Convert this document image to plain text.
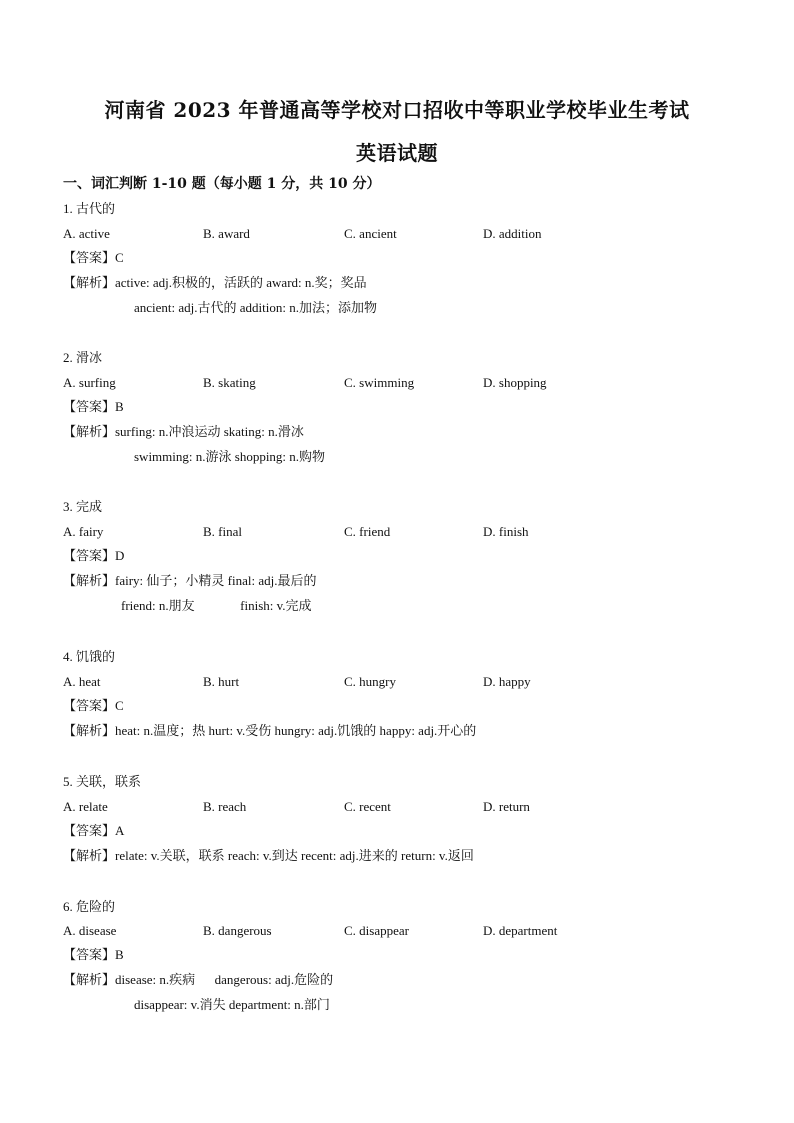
河南省 2023 年普通高等学校对口招收中等职业学校毕业生考试
英语试题
一、词汇判断 1-10 题（每小题 1 分，共 10 分）
1. 古代的
A. active	B. award	C. ancient	D. addition
【答案】C
【解析】active: adj.积极的，活跃的 award: n.奖；奖品
ancient: adj.古代的 addition: n.加法；添加物
2. 滑冰
A. surfing	B. skating	C. swimming	D. shopping
【答案】B
【解析】surfing: n.冲浪运动 skating: n.滑冰
swimming: n.游泳 shopping: n.购物
3. 完成
A. fairy	B. final	C. friend	D. finish
【答案】D
【解析】fairy: 仙子；小精灵 final: adj.最后的
friend: n.朋友              finish: v.完成
4. 饥饿的
A. heat	B. hurt	C. hungry	D. happy
【答案】C
【解析】heat: n.温度；热 hurt: v.受伤 hungry: adj.饥饿的 happy: adj.开心的
5. 关联，联系
A. relate	B. reach	C. recent	D. return
【答案】A
【解析】relate: v.关联，联系 reach: v.到达 recent: adj.进来的 return: v.返回
6. 危险的
A. disease	B. dangerous	C. disappear	D. department
【答案】B
【解析】disease: n.疾病      dangerous: adj.危险的
disappear: v.消失 department: n.部门
